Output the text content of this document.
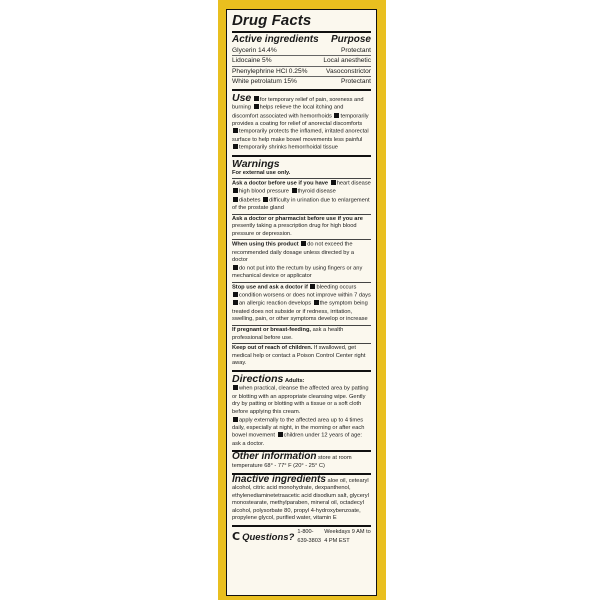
Drug Facts
Active ingredients Purpose
Glycerin 14.4%	Protectant
Lidocaine 5%	Local anesthetic
Phenylephrine HCl 0.25%	Vasoconstrictor
White petrolatum 15%	Protectant
Use for temporary relief of pain, soreness and burning helps relieve the local itching and discomfort associated with hemorrhoids temporarily provides a coating for relief of anorectal discomforts
temporarily protects the inflamed, irritated anorectal surface to help make bowel movements less painful
temporarily shrinks hemorrhoidal tissue
Warnings
For external use only.
Ask a doctor before use if you have heart disease
high blood pressure thyroid disease
diabetes difficulty in urination due to enlargement of the prostate gland
Ask a doctor or pharmacist before use if you are presently taking a prescription drug for high blood pressure or depression.
When using this product do not exceed the recommended daily dosage unless directed by a doctor
do not put into the rectum by using fingers or any mechanical device or applicator
Stop use and ask a doctor if bleeding occurs
condition worsens or does not improve within 7 days
an allergic reaction develops the symptom being treated does not subside or if redness, irritation, swelling, pain, or other symptoms develop or increase
If pregnant or breast-feeding, ask a health professional before use.
Keep out of reach of children. If swallowed, get medical help or contact a Poison Control Center right away.
Directions Adults:
when practical, cleanse the affected area by patting or blotting with an appropriate cleansing wipe. Gently dry by patting or blotting with a tissue or a soft cloth before applying this cream.
apply externally to the affected area up to 4 times daily, especially at night, in the morning or after each bowel movement children under 12 years of age: ask a doctor.
Other information store at room temperature 68° - 77° F (20° - 25° C)
Inactive ingredients aloe oil, cetearyl alcohol, citric acid monohydrate, dexpanthenol, ethylenediaminetetraacetic acid disodium salt, glyceryl monostearate, methylparaben, mineral oil, octadecyl alcohol, polysorbate 80, propyl 4-hydroxybenzoate, propylene glycol, purified water, vitamin E
C Questions? 1-800-639-3803

Weekdays 9 AM to 4 PM EST
